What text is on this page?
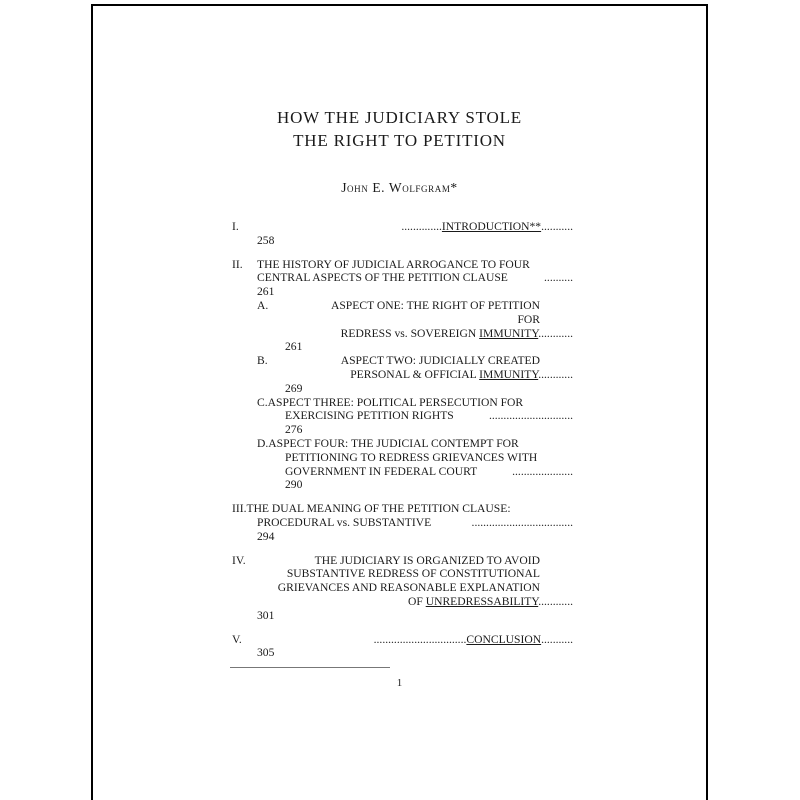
HOW THE JUDICIARY STOLE
THE RIGHT TO PETITION
John E. Wolfgram*
I.	..............INTRODUCTION**...........
258
II.	THE HISTORY OF JUDICIAL ARROGANCE TO FOUR
CENTRAL ASPECTS OF THE PETITION CLAUSE	..........
261
A.	ASPECT ONE: THE RIGHT OF PETITION FOR
REDRESS vs. SOVEREIGN IMMUNITY............
261
B.	ASPECT TWO: JUDICIALLY CREATED
PERSONAL & OFFICIAL IMMUNITY............
269
C.ASPECT THREE: POLITICAL PERSECUTION FOR
EXERCISING PETITION RIGHTS	.............................
276
D.ASPECT FOUR: THE JUDICIAL CONTEMPT FOR
PETITIONING TO REDRESS GRIEVANCES WITH
GOVERNMENT IN FEDERAL COURT	.....................
290
III.THE DUAL MEANING OF THE PETITION CLAUSE:
PROCEDURAL vs. SUBSTANTIVE	...................................
294
IV.	THE JUDICIARY IS ORGANIZED TO AVOID
SUBSTANTIVE REDRESS OF CONSTITUTIONAL
GRIEVANCES AND REASONABLE EXPLANATION
OF UNREDRESSABILITY............
301
V.	................................CONCLUSION...........
305
1
